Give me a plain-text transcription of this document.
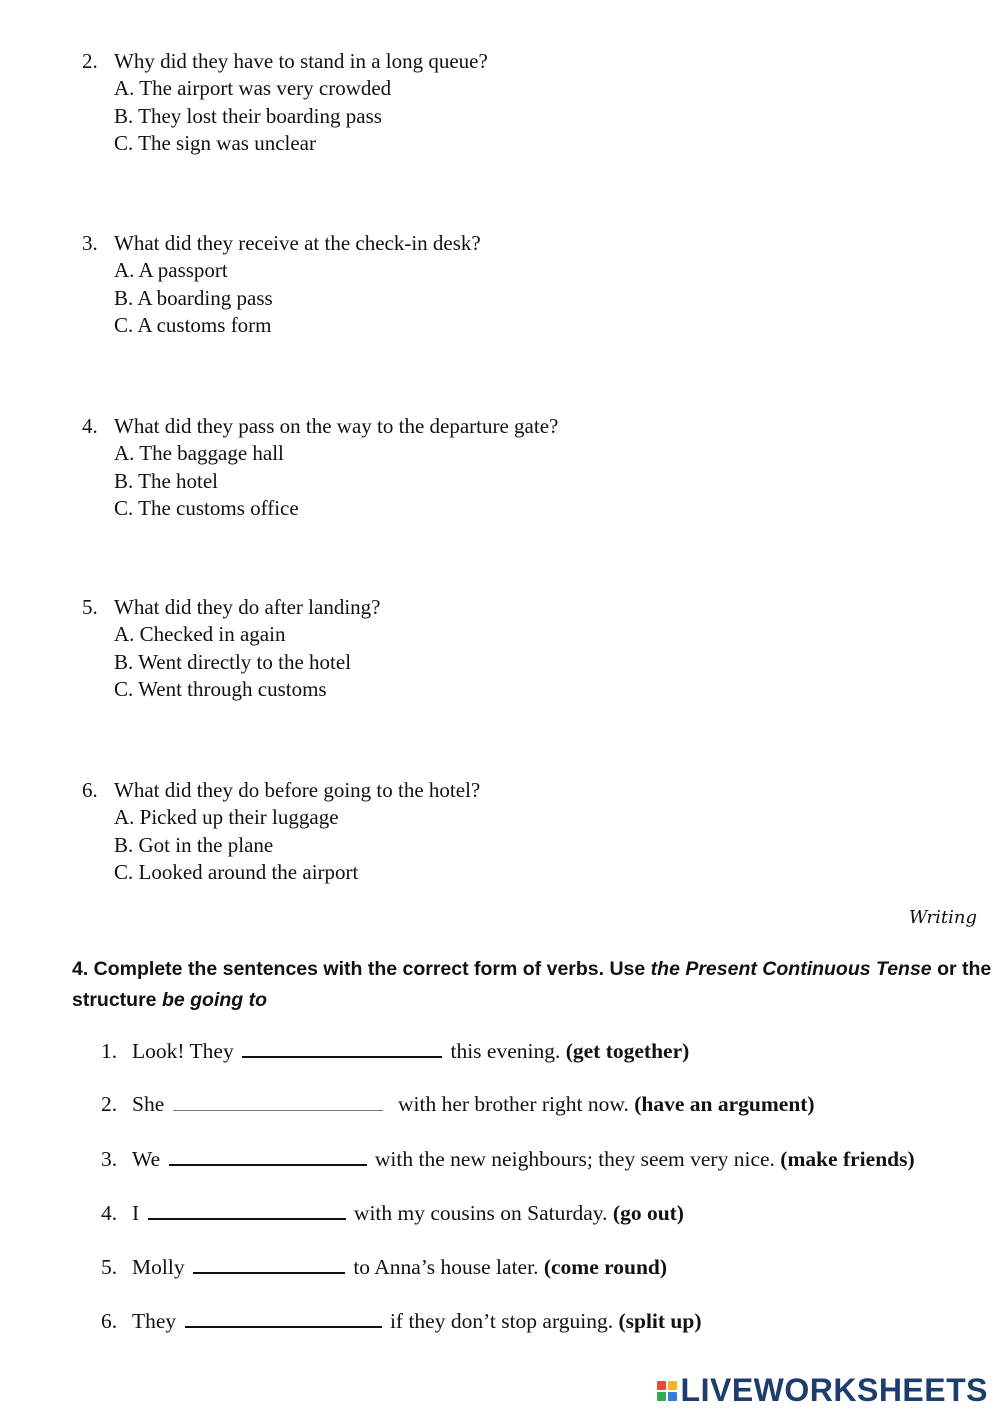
2. Why did they have to stand in a long queue?
A. The airport was very crowded
B. They lost their boarding pass
C. The sign was unclear
3. What did they receive at the check-in desk?
A. A passport
B. A boarding pass
C. A customs form
4. What did they pass on the way to the departure gate?
A. The baggage hall
B. The hotel
C. The customs office
5. What did they do after landing?
A. Checked in again
B. Went directly to the hotel
C. Went through customs
6. What did they do before going to the hotel?
A. Picked up their luggage
B. Got in the plane
C. Looked around the airport
Writing
4. Complete the sentences with the correct form of verbs. Use the Present Continuous Tense or the structure be going to
1. Look! They	this evening. (get together)
2. She	with her brother right now. (have an argument)
3. We	with the new neighbours; they seem very nice. (make friends)
4. I	with my cousins on Saturday. (go out)
5. Molly	to Anna’s house later. (come round)
6. They	if they don’t stop arguing. (split up)
LIVEWORKSHEETS
